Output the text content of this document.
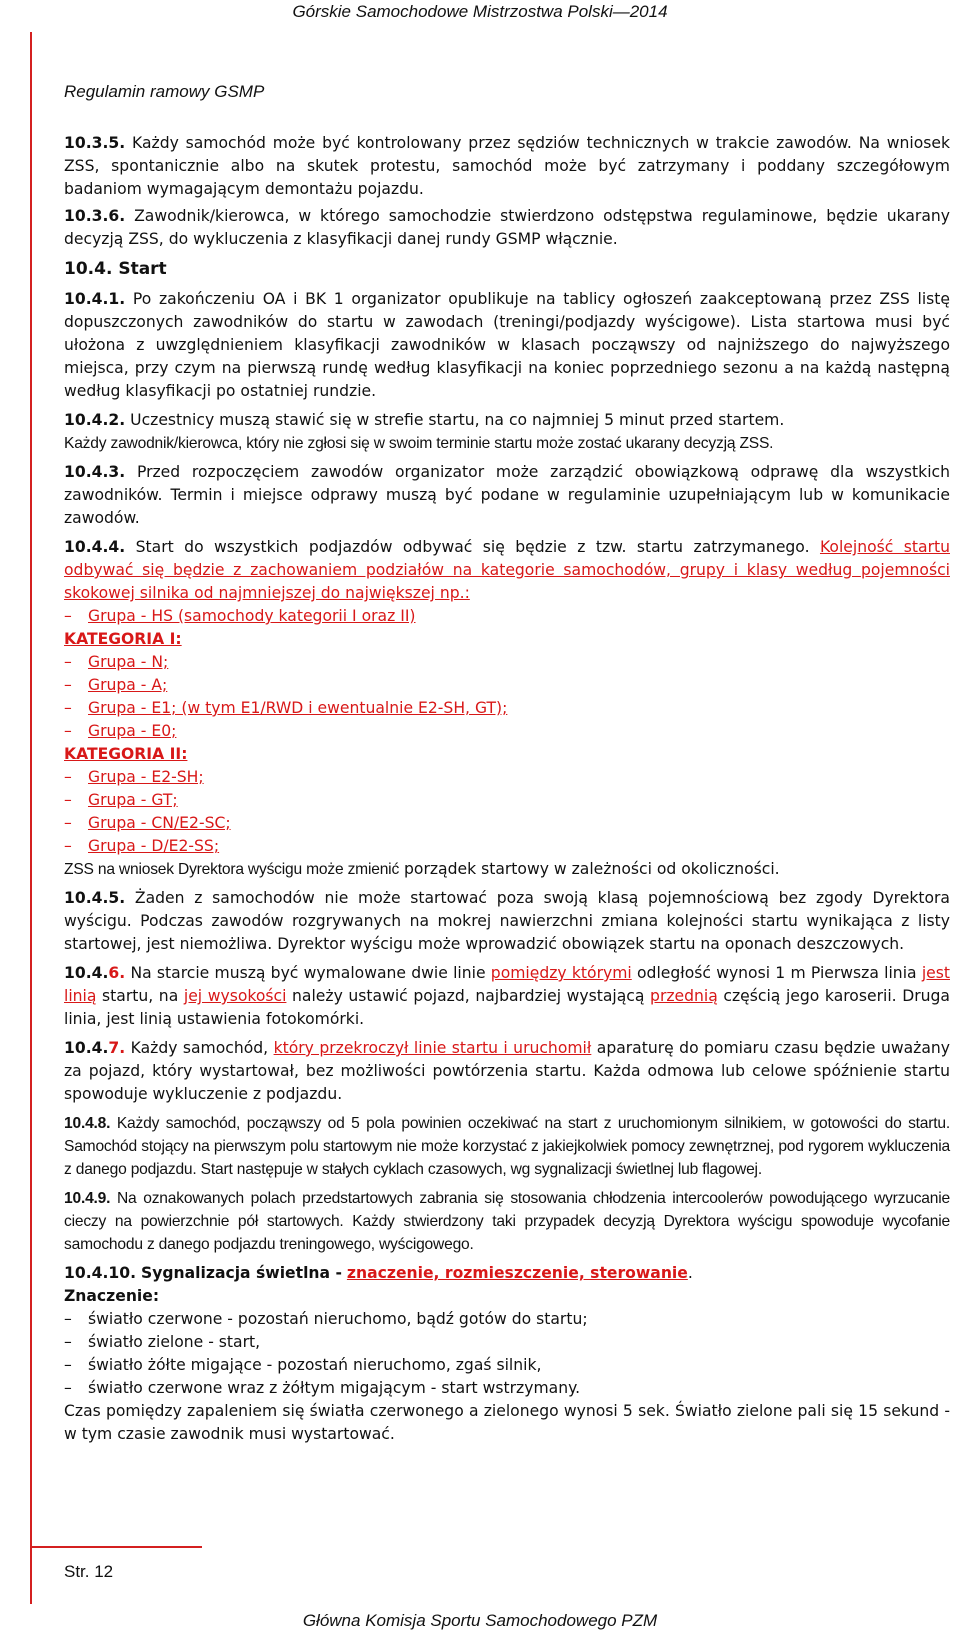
Górskie Samochodowe Mistrzostwa Polski—2014
Regulamin ramowy GSMP

10.3.5. Każdy samochód może być kontrolowany przez sędziów technicznych w trakcie zawodów. Na wniosek ZSS, spontanicznie albo na skutek protestu, samochód może być zatrzymany i poddany szczegółowym badaniom wymagającym demontażu pojazdu.

10.3.6. Zawodnik/kierowca, w którego samochodzie stwierdzono odstępstwa regulaminowe, będzie ukarany decyzją ZSS, do wykluczenia z klasyfikacji danej rundy GSMP włącznie.

10.4. Start

10.4.1. Po zakończeniu OA i BK 1 organizator opublikuje na tablicy ogłoszeń zaakceptowaną przez ZSS listę dopuszczonych zawodników do startu w zawodach (treningi/podjazdy wyścigowe). Lista startowa musi być ułożona z uwzględnieniem klasyfikacji zawodników w klasach począwszy od najniższego do najwyższego miejsca, przy czym na pierwszą rundę według klasyfikacji na koniec poprzedniego sezonu a na każdą następną według klasyfikacji po ostatniej rundzie.

10.4.2. Uczestnicy muszą stawić się w strefie startu, na co najmniej 5 minut przed startem.

Każdy zawodnik/kierowca, który nie zgłosi się w swoim terminie startu może zostać ukarany decyzją ZSS.

10.4.3. Przed rozpoczęciem zawodów organizator może zarządzić obowiązkową odprawę dla wszystkich zawodników. Termin i miejsce odprawy muszą być podane w regulaminie uzupełniającym lub w komunikacie zawodów.

10.4.4. Start do wszystkich podjazdów odbywać się będzie z tzw. startu zatrzymanego. Kolejność startu odbywać się będzie z zachowaniem podziałów na kategorie samochodów, grupy i klasy według pojemności skokowej silnika od najmniejszej do największej np.:

– Grupa - HS (samochody kategorii I oraz II)

KATEGORIA I:

– Grupa - N;
– Grupa - A;
– Grupa - E1; (w tym E1/RWD i ewentualnie E2-SH, GT);
– Grupa - E0;

KATEGORIA II:

– Grupa - E2-SH;
– Grupa - GT;
– Grupa - CN/E2-SC;
– Grupa - D/E2-SS;

ZSS na wniosek Dyrektora wyścigu może zmienić porządek startowy w zależności od okoliczności.

10.4.5. Żaden z samochodów nie może startować poza swoją klasą pojemnościową bez zgody Dyrektora wyścigu. Podczas zawodów rozgrywanych na mokrej nawierzchni zmiana kolejności startu wynikająca z listy startowej, jest niemożliwa. Dyrektor wyścigu może wprowadzić obowiązek startu na oponach deszczowych.

10.4.6. Na starcie muszą być wymalowane dwie linie pomiędzy którymi odległość wynosi 1 m Pierwsza linia jest linią startu, na jej wysokości należy ustawić pojazd, najbardziej wystającą przednią częścią jego karoserii. Druga linia, jest linią ustawienia fotokomórki.

10.4.7. Każdy samochód, który przekroczył linie startu i uruchomił aparaturę do pomiaru czasu będzie uważany za pojazd, który wystartował, bez możliwości powtórzenia startu. Każda odmowa lub celowe spóźnienie startu spowoduje wykluczenie z podjazdu.

10.4.8. Każdy samochód, począwszy od 5 pola powinien oczekiwać na start z uruchomionym silnikiem, w gotowości do startu. Samochód stojący na pierwszym polu startowym nie może korzystać z jakiejkolwiek pomocy zewnętrznej, pod rygorem wykluczenia z danego podjazdu. Start następuje w stałych cyklach czasowych, wg sygnalizacji świetlnej lub flagowej.

10.4.9. Na oznakowanych polach przedstartowych zabrania się stosowania chłodzenia intercoolerów powodującego wyrzucanie cieczy na powierzchnie pół startowych. Każdy stwierdzony taki przypadek decyzją Dyrektora wyścigu spowoduje wycofanie samochodu z danego podjazdu treningowego, wyścigowego.

10.4.10. Sygnalizacja świetlna - znaczenie, rozmieszczenie, sterowanie.

Znaczenie:

– światło czerwone - pozostań nieruchomo, bądź gotów do startu;
– światło zielone - start,
– światło żółte migające - pozostań nieruchomo, zgaś silnik,
– światło czerwone wraz z żółtym migającym - start wstrzymany.

Czas pomiędzy zapaleniem się światła czerwonego a zielonego wynosi 5 sek. Światło zielone pali się 15 sekund - w tym czasie zawodnik musi wystartować.

Str. 12
Główna Komisja Sportu Samochodowego PZM
